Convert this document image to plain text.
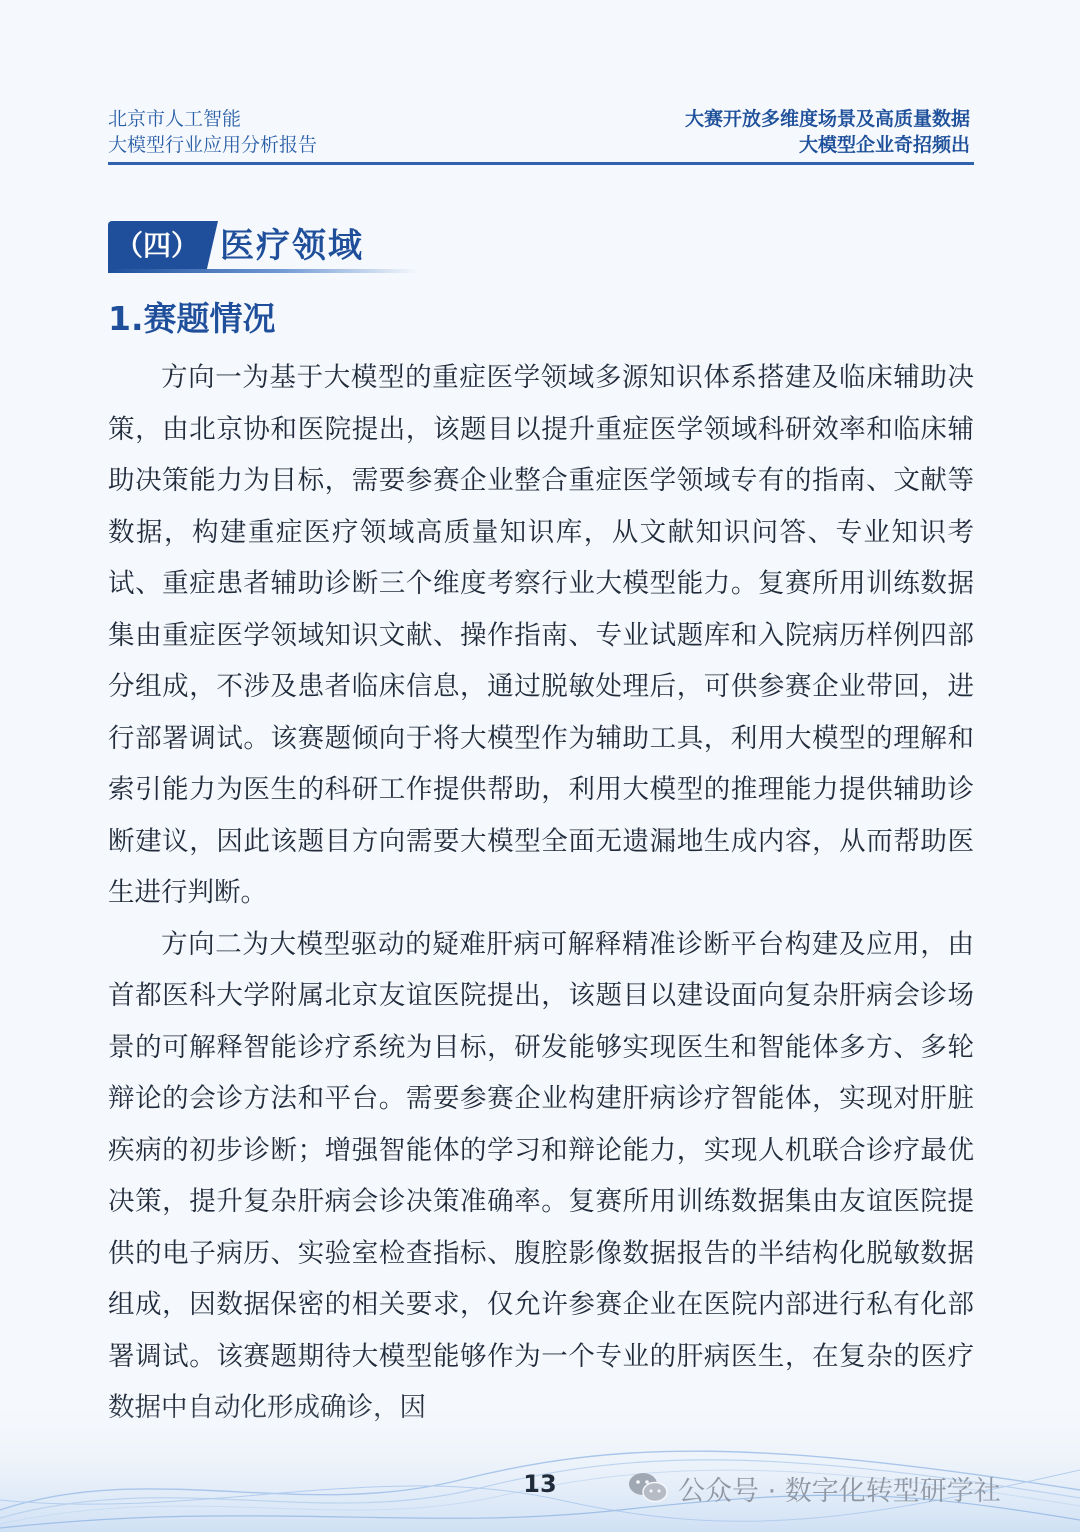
北京市人工智能
大模型行业应用分析报告
大赛开放多维度场景及高质量数据
大模型企业奇招频出
（四） 医疗领域
1.赛题情况

方向一为基于大模型的重症医学领域多源知识体系搭建及临床辅助决策，由北京协和医院提出，该题目以提升重症医学领域科研效率和临床辅助决策能力为目标，需要参赛企业整合重症医学领域专有的指南、文献等数据，构建重症医疗领域高质量知识库，从文献知识问答、专业知识考试、重症患者辅助诊断三个维度考察行业大模型能力。复赛所用训练数据集由重症医学领域知识文献、操作指南、专业试题库和入院病历样例四部分组成，不涉及患者临床信息，通过脱敏处理后，可供参赛企业带回，进行部署调试。该赛题倾向于将大模型作为辅助工具，利用大模型的理解和索引能力为医生的科研工作提供帮助，利用大模型的推理能力提供辅助诊断建议，因此该题目方向需要大模型全面无遗漏地生成内容，从而帮助医生进行判断。

方向二为大模型驱动的疑难肝病可解释精准诊断平台构建及应用，由首都医科大学附属北京友谊医院提出，该题目以建设面向复杂肝病会诊场景的可解释智能诊疗系统为目标，研发能够实现医生和智能体多方、多轮辩论的会诊方法和平台。需要参赛企业构建肝病诊疗智能体，实现对肝脏疾病的初步诊断；增强智能体的学习和辩论能力，实现人机联合诊疗最优决策，提升复杂肝病会诊决策准确率。复赛所用训练数据集由友谊医院提供的电子病历、实验室检查指标、腹腔影像数据报告的半结构化脱敏数据组成，因数据保密的相关要求，仅允许参赛企业在医院内部进行私有化部署调试。该赛题期待大模型能够作为一个专业的肝病医生，在复杂的医疗

13	公众号 · 数字化转型研学社
